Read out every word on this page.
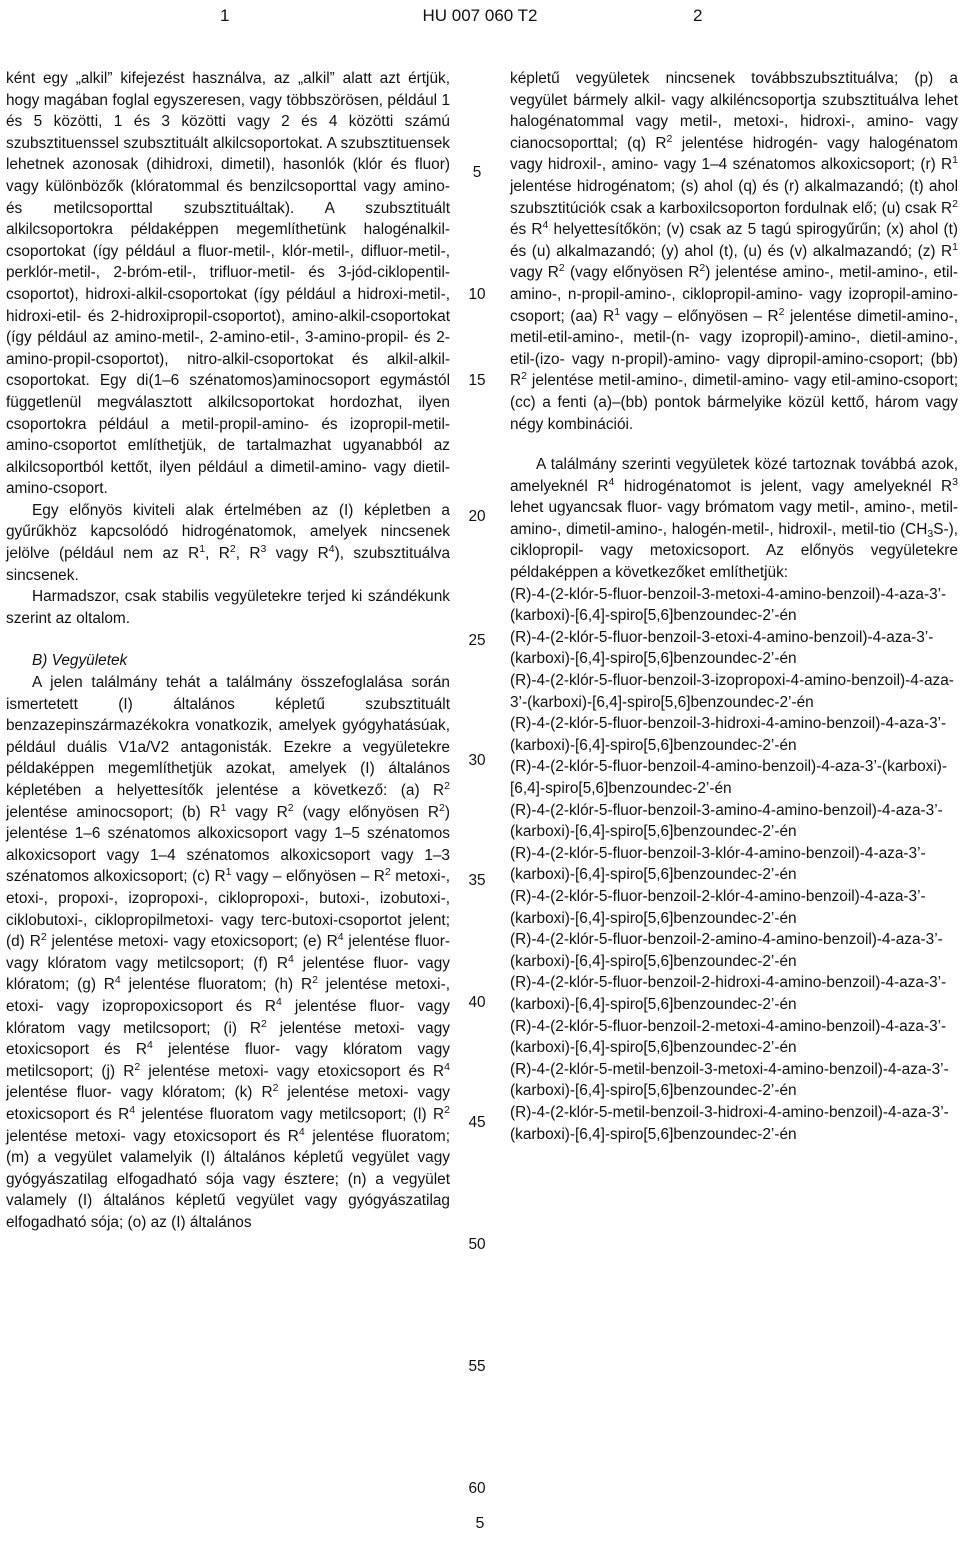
1	HU 007 060 T2	2

ként egy „alkil” kifejezést használva, az „alkil” alatt azt értjük, hogy magában foglal egyszeresen, vagy többszörösen, például 1 és 5 közötti, 1 és 3 közötti vagy 2 és 4 közötti számú szubsztituenssel szubsztituált alkilcsoportokat. A szubsztituensek lehetnek azonosak (dihidroxi, dimetil), hasonlók (klór és fluor) vagy különbözők (klóratommal és benzilcsoporttal vagy amino- és metilcsoporttal szubsztituáltak). A szubsztituált alkilcsoportokra példaképpen megemlíthetünk halogénalkil-csoportokat (így például a fluor-metil-, klór-metil-, difluor-metil-, perklór-metil-, 2-bróm-etil-, trifluor-metil- és 3-jód-ciklopentil-csoportot), hidroxi-alkil-csoportokat (így például a hidroxi-metil-, hidroxi-etil- és 2-hidroxipropil-csoportot), amino-alkil-csoportokat (így például az amino-metil-, 2-amino-etil-, 3-amino-propil- és 2-amino-propil-csoportot), nitro-alkil-csoportokat és alkil-alkil-csoportokat. Egy di(1–6 szénatomos)aminocsoport egymástól függetlenül megválasztott alkilcsoportokat hordozhat, ilyen csoportokra például a metil-propil-amino- és izopropil-metil-amino-csoportot említhetjük, de tartalmazhat ugyanabból az alkilcsoportból kettőt, ilyen például a dimetil-amino- vagy dietil-amino-csoport.

Egy előnyös kiviteli alak értelmében az (I) képletben a gyűrűkhöz kapcsolódó hidrogénatomok, amelyek nincsenek jelölve (például nem az $R^1$, $R^2$, $R^3$ vagy $R^4$), szubsztituálva sincsenek.

Harmadszor, csak stabilis vegyületekre terjed ki szándékunk szerint az oltalom.

B) Vegyületek

A jelen találmány tehát a találmány összefoglalása során ismertetett (I) általános képletű szubsztituált benzazepinszármazékokra vonatkozik, amelyek gyógyhatásúak, például duális V1a/V2 antagonisták. Ezekre a vegyületekre példaképpen megemlíthetjük azokat, amelyek (I) általános képletében a helyettesítők jelentése a következő: (a) $R^2$ jelentése aminocsoport; (b) $R^1$ vagy $R^2$ (vagy előnyösen $R^2$) jelentése 1–6 szénatomos alkoxicsoport vagy 1–5 szénatomos alkoxicsoport vagy 1–4 szénatomos alkoxicsoport vagy 1–3 szénatomos alkoxicsoport; (c) $R^1$ vagy – előnyösen – $R^2$ metoxi-, etoxi-, propoxi-, izopropoxi-, ciklopropoxi-, butoxi-, izobutoxi-, ciklobutoxi-, ciklopropilmetoxi- vagy terc-butoxi-csoportot jelent; (d) $R^2$ jelentése metoxi- vagy etoxicsoport; (e) $R^4$ jelentése fluor- vagy klóratom vagy metilcsoport; (f) $R^4$ jelentése fluor- vagy klóratom; (g) $R^4$ jelentése fluoratom; (h) $R^2$ jelentése metoxi-, etoxi- vagy izopropoxicsoport és $R^4$ jelentése fluor- vagy klóratom vagy metilcsoport; (i) $R^2$ jelentése metoxi- vagy etoxicsoport és $R^4$ jelentése fluor- vagy klóratom vagy metilcsoport; (j) $R^2$ jelentése metoxi- vagy etoxicsoport és $R^4$ jelentése fluor- vagy klóratom; (k) $R^2$ jelentése metoxi- vagy etoxicsoport és $R^4$ jelentése fluoratom vagy metilcsoport; (l) $R^2$ jelentése metoxi- vagy etoxicsoport és $R^4$ jelentése fluoratom; (m) a vegyület valamelyik (I) általános képletű vegyület vagy gyógyászatilag elfogadható sója vagy észtere; (n) a vegyület valamely (I) általános képletű vegyület vagy gyógyászatilag elfogadható sója; (o) az (I) általános

5
10
15
20
25
30
35
40
45
50
55
60

képletű vegyületek nincsenek továbbszubsztituálva; (p) a vegyület bármely alkil- vagy alkiléncsoportja szubsztituálva lehet halogénatommal vagy metil-, metoxi-, hidroxi-, amino- vagy cianocsoporttal; (q) $R^2$ jelentése hidrogén- vagy halogénatom vagy hidroxil-, amino- vagy 1–4 szénatomos alkoxicsoport; (r) $R^1$ jelentése hidrogénatom; (s) ahol (q) és (r) alkalmazandó; (t) ahol szubsztitúciók csak a karboxilcsoporton fordulnak elő; (u) csak $R^2$ és $R^4$ helyettesítőkön; (v) csak az 5 tagú spirogyűrűn; (x) ahol (t) és (u) alkalmazandó; (y) ahol (t), (u) és (v) alkalmazandó; (z) $R^1$ vagy $R^2$ (vagy előnyösen $R^2$) jelentése amino-, metil-amino-, etil-amino-, n-propil-amino-, ciklopropil-amino- vagy izopropil-amino-csoport; (aa) $R^1$ vagy – előnyösen – $R^2$ jelentése dimetil-amino-, metil-etil-amino-, metil-(n- vagy izopropil)-amino-, dietil-amino-, etil-(izo- vagy n-propil)-amino- vagy dipropil-amino-csoport; (bb) $R^2$ jelentése metil-amino-, dimetil-amino- vagy etil-amino-csoport; (cc) a fenti (a)–(bb) pontok bármelyike közül kettő, három vagy négy kombinációi.

A találmány szerinti vegyületek közé tartoznak továbbá azok, amelyeknél $R^4$ hidrogénatomot is jelent, vagy amelyeknél $R^3$ lehet ugyancsak fluor- vagy brómatom vagy metil-, amino-, metil-amino-, dimetil-amino-, halogén-metil-, hidroxil-, metil-tio $(CH_3S-)$, ciklopropil- vagy metoxicsoport. Az előnyös vegyületekre példaképpen a következőket említhetjük:

(R)-4-(2-klór-5-fluor-benzoil-3-metoxi-4-amino-benzoil)-4-aza-3’-(karboxi)-[6,4]-spiro[5,6]benzoundec-2’-én

(R)-4-(2-klór-5-fluor-benzoil-3-etoxi-4-amino-benzoil)-4-aza-3’-(karboxi)-[6,4]-spiro[5,6]benzoundec-2’-én

(R)-4-(2-klór-5-fluor-benzoil-3-izopropoxi-4-amino-benzoil)-4-aza-3’-(karboxi)-[6,4]-spiro[5,6]benzoundec-2’-én

(R)-4-(2-klór-5-fluor-benzoil-3-hidroxi-4-amino-benzoil)-4-aza-3’-(karboxi)-[6,4]-spiro[5,6]benzoundec-2’-én

(R)-4-(2-klór-5-fluor-benzoil-4-amino-benzoil)-4-aza-3’-(karboxi)-[6,4]-spiro[5,6]benzoundec-2’-én

(R)-4-(2-klór-5-fluor-benzoil-3-amino-4-amino-benzoil)-4-aza-3’-(karboxi)-[6,4]-spiro[5,6]benzoundec-2’-én

(R)-4-(2-klór-5-fluor-benzoil-3-klór-4-amino-benzoil)-4-aza-3’-(karboxi)-[6,4]-spiro[5,6]benzoundec-2’-én

(R)-4-(2-klór-5-fluor-benzoil-2-klór-4-amino-benzoil)-4-aza-3’-(karboxi)-[6,4]-spiro[5,6]benzoundec-2’-én

(R)-4-(2-klór-5-fluor-benzoil-2-amino-4-amino-benzoil)-4-aza-3’-(karboxi)-[6,4]-spiro[5,6]benzoundec-2’-én

(R)-4-(2-klór-5-fluor-benzoil-2-hidroxi-4-amino-benzoil)-4-aza-3’-(karboxi)-[6,4]-spiro[5,6]benzoundec-2’-én

(R)-4-(2-klór-5-fluor-benzoil-2-metoxi-4-amino-benzoil)-4-aza-3’-(karboxi)-[6,4]-spiro[5,6]benzoundec-2’-én

(R)-4-(2-klór-5-metil-benzoil-3-metoxi-4-amino-benzoil)-4-aza-3’-(karboxi)-[6,4]-spiro[5,6]benzoundec-2’-én

(R)-4-(2-klór-5-metil-benzoil-3-hidroxi-4-amino-benzoil)-4-aza-3’-(karboxi)-[6,4]-spiro[5,6]benzoundec-2’-én

5
